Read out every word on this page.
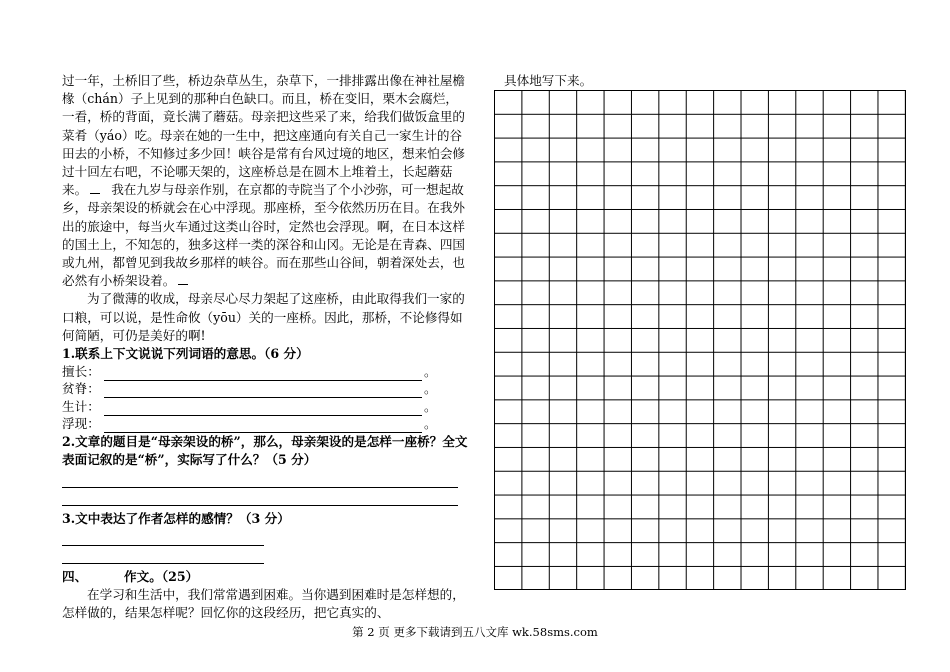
过一年，土桥旧了些，桥边杂草丛生，杂草下，一排排露出像在神社屋檐椽（chán）子上见到的那种白色缺口。而且，桥在变旧，栗木会腐烂，一看，桥的背面，竟长满了蘑菇。母亲把这些采了来，给我们做饭盒里的菜肴（yáo）吃。母亲在她的一生中，把这座通向有关自己一家生计的谷田去的小桥，不知修过多少回！峡谷是常有台风过境的地区，想来怕会修过十回左右吧，不论哪天架的，这座桥总是在圆木上堆着土，长起蘑菇来。 我在九岁与母亲作别，在京都的寺院当了个小沙弥，可一想起故乡，母亲架设的桥就会在心中浮现。那座桥，至今依然历历在目。在我外出的旅途中，每当火车通过这类山谷时，定然也会浮现。啊，在日本这样的国土上，不知怎的，独多这样一类的深谷和山冈。无论是在青森、四国或九州，都曾见到我故乡那样的峡谷。而在那些山谷间，朝着深处去，也必然有小桥架设着。

为了微薄的收成，母亲尽心尽力架起了这座桥，由此取得我们一家的口粮，可以说，是性命攸（yōu）关的一座桥。因此，那桥，不论修得如何简陋，可仍是美好的啊!

1.联系上下文说说下列词语的意思。（6 分）

擅长：	。
贫脊：	。
生计：	。
浮现：	。

2.文章的题目是“母亲架设的桥”，那么，母亲架设的是怎样一座桥？全文表面记叙的是“桥”，实际写了什么？（5 分）

3.文中表达了作者怎样的感情？（3 分）

四、	作文。（25）

在学习和生活中，我们常常遇到困难。当你遇到困难时是怎样想的，怎样做的，结果怎样呢？回忆你的这段经历，把它真实的、

具体地写下来。

第 2 页 更多下载请到五八文库 wk.58sms.com
